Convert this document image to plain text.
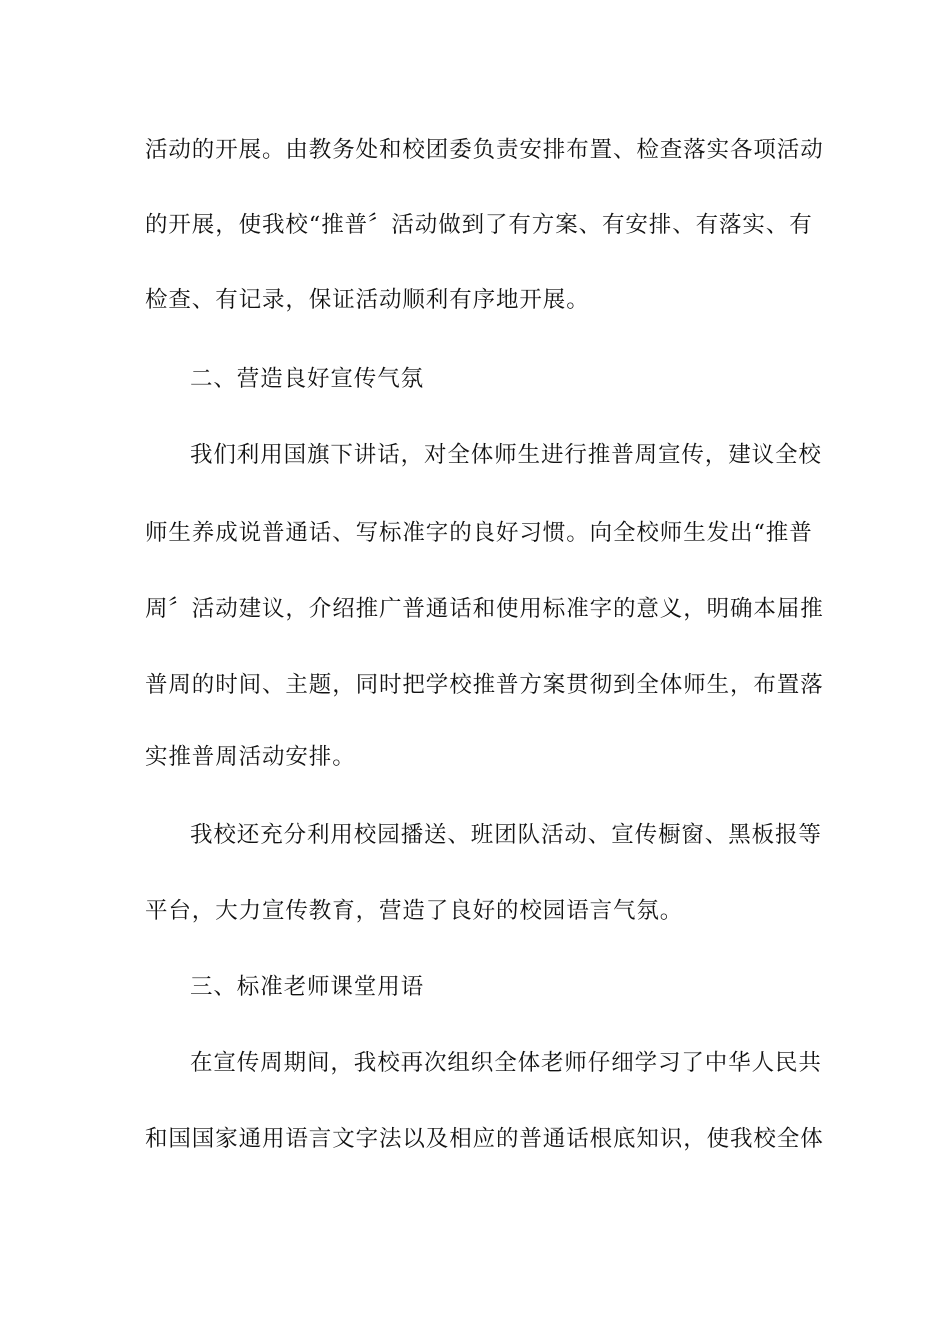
活动的开展。由教务处和校团委负责安排布置、检查落实各项活动
的开展，使我校“推普〞活动做到了有方案、有安排、有落实、有
检查、有记录，保证活动顺利有序地开展。
二、营造良好宣传气氛
我们利用国旗下讲话，对全体师生进行推普周宣传，建议全校
师生养成说普通话、写标准字的良好习惯。向全校师生发出“推普
周〞活动建议，介绍推广普通话和使用标准字的意义，明确本届推
普周的时间、主题，同时把学校推普方案贯彻到全体师生，布置落
实推普周活动安排。
我校还充分利用校园播送、班团队活动、宣传橱窗、黑板报等
平台，大力宣传教育，营造了良好的校园语言气氛。
三、标准老师课堂用语
在宣传周期间，我校再次组织全体老师仔细学习了中华人民共
和国国家通用语言文字法以及相应的普通话根底知识，使我校全体
